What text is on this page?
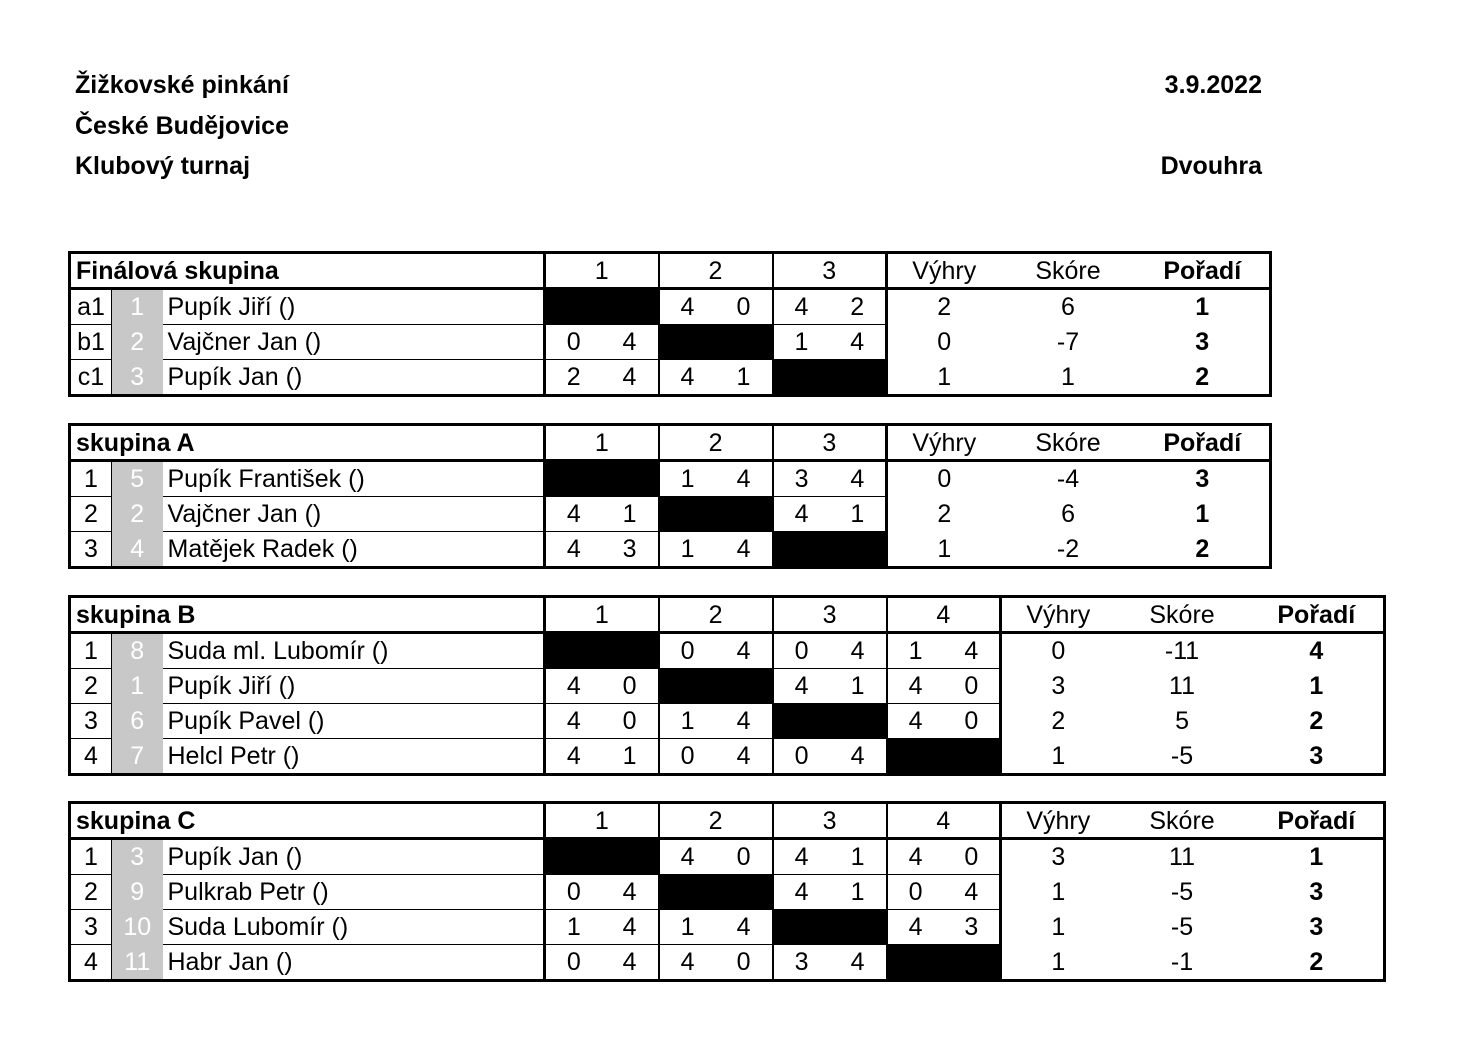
Žižkovské pinkání
České Budějovice
Klubový turnaj
3.9.2022
Dvouhra
Finálová skupina			1		2		3		Výhry	Skóre	Pořadí
a1	1	Pupík Jiří ()			4	0	4	2	2	6	1
b1	2	Vajčner Jan ()	0	4			1	4	0	-7	3
c1	3	Pupík Jan ()	2	4	4	1			1	1	2
skupina A			1		2		3		Výhry	Skóre	Pořadí
1	5	Pupík František ()			1	4	3	4	0	-4	3
2	2	Vajčner Jan ()	4	1			4	1	2	6	1
3	4	Matějek Radek ()	4	3	1	4			1	-2	2
skupina B			1		2		3		4		Výhry	Skóre	Pořadí
1	8	Suda ml. Lubomír ()			0	4	0	4	1	4	0	-11	4
2	1	Pupík Jiří ()	4	0			4	1	4	0	3	11	1
3	6	Pupík Pavel ()	4	0	1	4			4	0	2	5	2
4	7	Helcl Petr ()	4	1	0	4	0	4			1	-5	3
skupina C			1		2		3		4		Výhry	Skóre	Pořadí
1	3	Pupík Jan ()			4	0	4	1	4	0	3	11	1
2	9	Pulkrab Petr ()	0	4			4	1	0	4	1	-5	3
3	10	Suda Lubomír ()	1	4	1	4			4	3	1	-5	3
4	11	Habr Jan ()	0	4	4	0	3	4			1	-1	2
